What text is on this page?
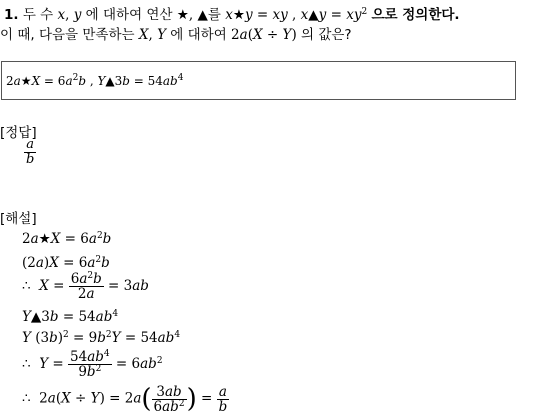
1. 두 수 x, y 에 대하여 연산 ★, ▲를 x★y = xy , x▲y = $xy^2$ 으로 정의한다.
이 때, 다음을 만족하는 X, Y 에 대하여 2a(X ÷ Y) 의 값은?
2a★X = $6a^2b$ , Y▲3b = $54ab^4$
[정답]
$\frac{a}{b}$
[해설]
2a★X = $6a^2b$
$(2a)X = 6a^2b$
∴ $X = \frac{6a^2b}{2a} = 3ab$
Y▲3b = $54ab^4$
Y $(3b)^2 = 9b^2Y = 54ab^4$
∴ $Y = \frac{54ab^4}{9b^2} = 6ab^2$
∴  $2a(X \div Y) = 2a( \frac{3ab}{6ab^2}$ ) = $\frac{a}{b}$
